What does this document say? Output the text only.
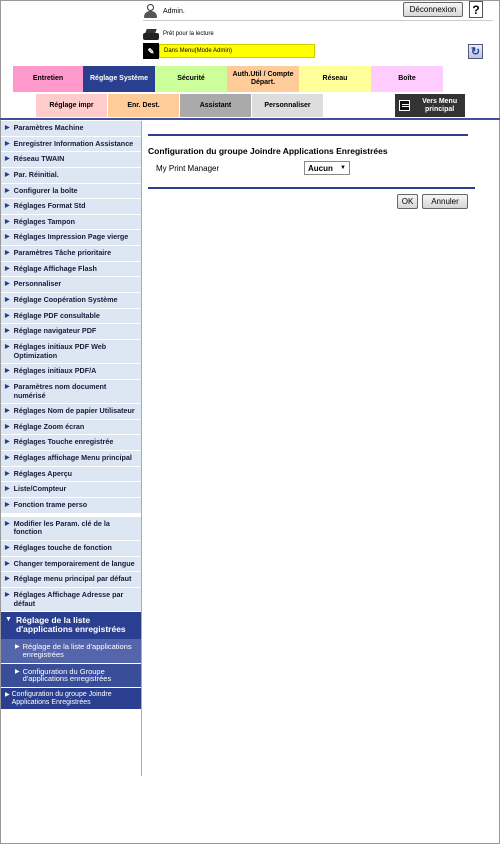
Admin.	Déconnexion	?
Prêt pour la lecture
✎	Dans Menu(Mode Admin)	↻
Entretien	Réglage Système	Sécurité
Auth.Util / Compte Départ.
Réseau	Boîte
Réglage impr	Enr. Dest.	Assistant	Personnaliser
Vers Menu principal
▶ Paramètres Machine
▶ Enregistrer Information Assistance
▶ Réseau TWAIN
▶ Par. Réinitial.
▶ Configurer la boîte
▶ Réglages Format Std
▶ Réglages Tampon
▶ Réglages Impression Page vierge
▶ Paramètres Tâche prioritaire
▶ Réglage Affichage Flash
▶ Personnaliser
▶ Réglage Coopération Système
▶ Réglage PDF consultable
▶ Réglage navigateur PDF
▶ Réglages initiaux PDF Web Optimization
▶ Réglages initiaux PDF/A
▶ Paramètres nom document numérisé
▶ Réglages Nom de papier Utilisateur
▶ Réglage Zoom écran
▶ Réglages Touche enregistrée
▶ Réglages affichage Menu principal
▶ Réglages Aperçu
▶ Liste/Compteur
▶ Fonction trame perso
▶ Modifier les Param. clé de la fonction
▶ Réglages touche de fonction
▶ Changer temporairement de langue
▶ Réglage menu principal par défaut
▶ Réglages Affichage Adresse par défaut
▼ Réglage de la liste d'applications enregistrées
▶ Réglage de la liste d'applications enregistrées
▶ Configuration du Groupe d'applications enregistrées
▶ Configuration du groupe Joindre Applications Enregistrées
Configuration du groupe Joindre Applications Enregistrées
My Print Manager	Aucun ▼
OK	Annuler
